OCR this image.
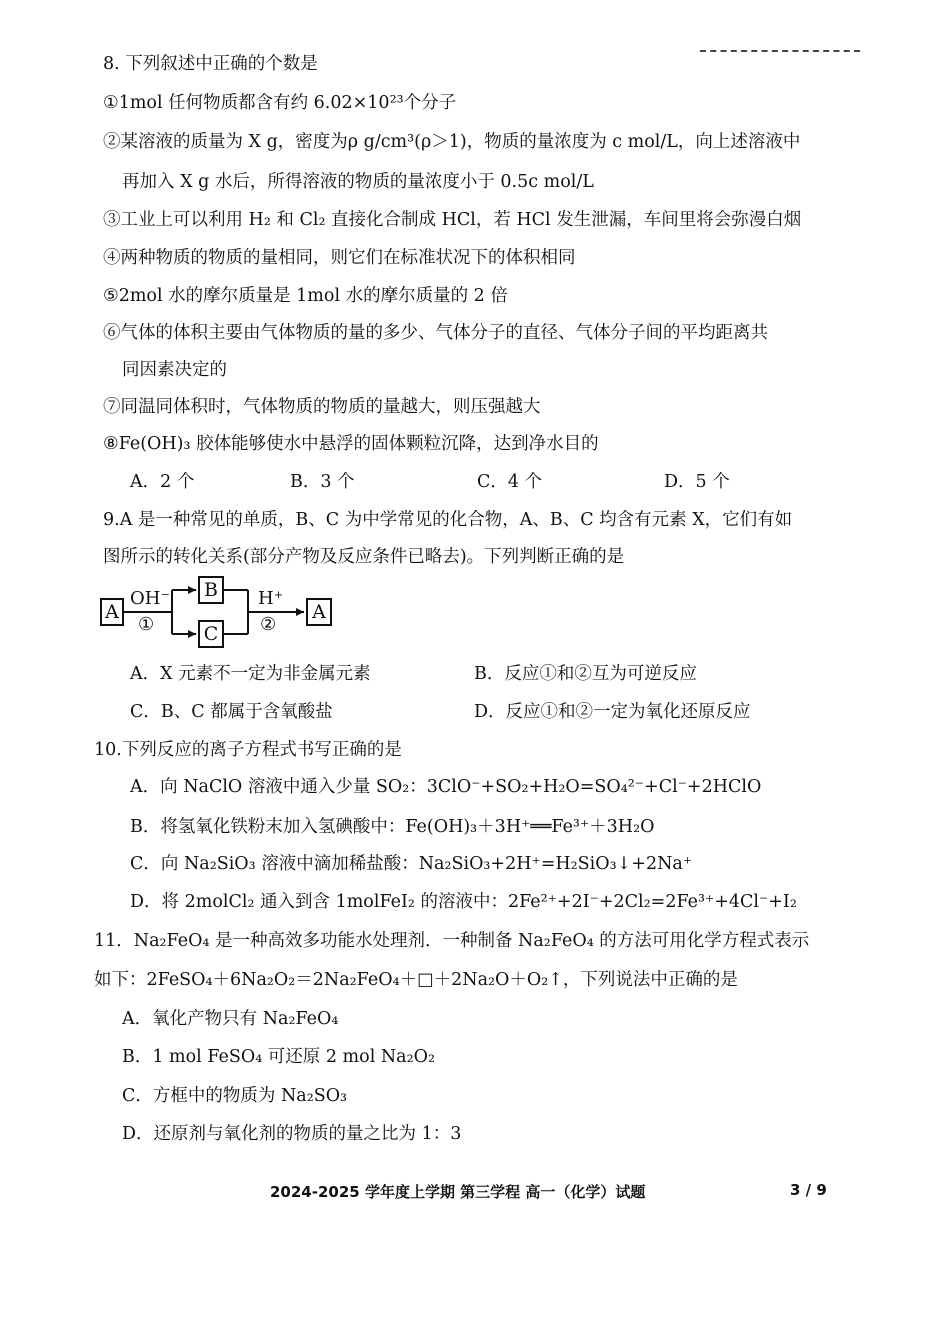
8. 下列叙述中正确的个数是
①1mol 任何物质都含有约 6.02×10²³个分子
②某溶液的质量为 X g，密度为ρ g/cm³(ρ＞1)，物质的量浓度为 c mol/L，向上述溶液中
再加入 X g 水后，所得溶液的物质的量浓度小于 0.5c mol/L
③工业上可以利用 H₂ 和 Cl₂ 直接化合制成 HCl，若 HCl 发生泄漏，车间里将会弥漫白烟
④两种物质的物质的量相同，则它们在标准状况下的体积相同
⑤2mol 水的摩尔质量是 1mol 水的摩尔质量的 2 倍
⑥气体的体积主要由气体物质的量的多少、气体分子的直径、气体分子间的平均距离共
同因素决定的
⑦同温同体积时，气体物质的物质的量越大，则压强越大
⑧Fe(OH)₃ 胶体能够使水中悬浮的固体颗粒沉降，达到净水目的
A．2 个	B．3 个	C．4 个	D．5 个
9.A 是一种常见的单质，B、C 为中学常见的化合物，A、B、C 均含有元素 X，它们有如
图所示的转化关系(部分产物及反应条件已略去)。下列判断正确的是
A
OH⁻
①
B
C
H⁺
②
A
A．X 元素不一定为非金属元素	B．反应①和②互为可逆反应
C．B、C 都属于含氧酸盐	D．反应①和②一定为氧化还原反应
10.下列反应的离子方程式书写正确的是
A．向 NaClO 溶液中通入少量 SO₂：3ClO⁻+SO₂+H₂O=SO₄²⁻+Cl⁻+2HClO
B．将氢氧化铁粉末加入氢碘酸中：Fe(OH)₃＋3H⁺══Fe³⁺＋3H₂O
C．向 Na₂SiO₃ 溶液中滴加稀盐酸：Na₂SiO₃+2H⁺=H₂SiO₃↓+2Na⁺
D．将 2molCl₂ 通入到含 1molFeI₂ 的溶液中：2Fe²⁺+2I⁻+2Cl₂=2Fe³⁺+4Cl⁻+I₂
11．Na₂FeO₄ 是一种高效多功能水处理剂．一种制备 Na₂FeO₄ 的方法可用化学方程式表示
如下：2FeSO₄＋6Na₂O₂＝2Na₂FeO₄＋□＋2Na₂O＋O₂↑，下列说法中正确的是
A．氧化产物只有 Na₂FeO₄
B．1 mol FeSO₄ 可还原 2 mol Na₂O₂
C．方框中的物质为 Na₂SO₃
D．还原剂与氧化剂的物质的量之比为 1：3
2024-2025 学年度上学期 第三学程 高一（化学）试题	3 / 9
